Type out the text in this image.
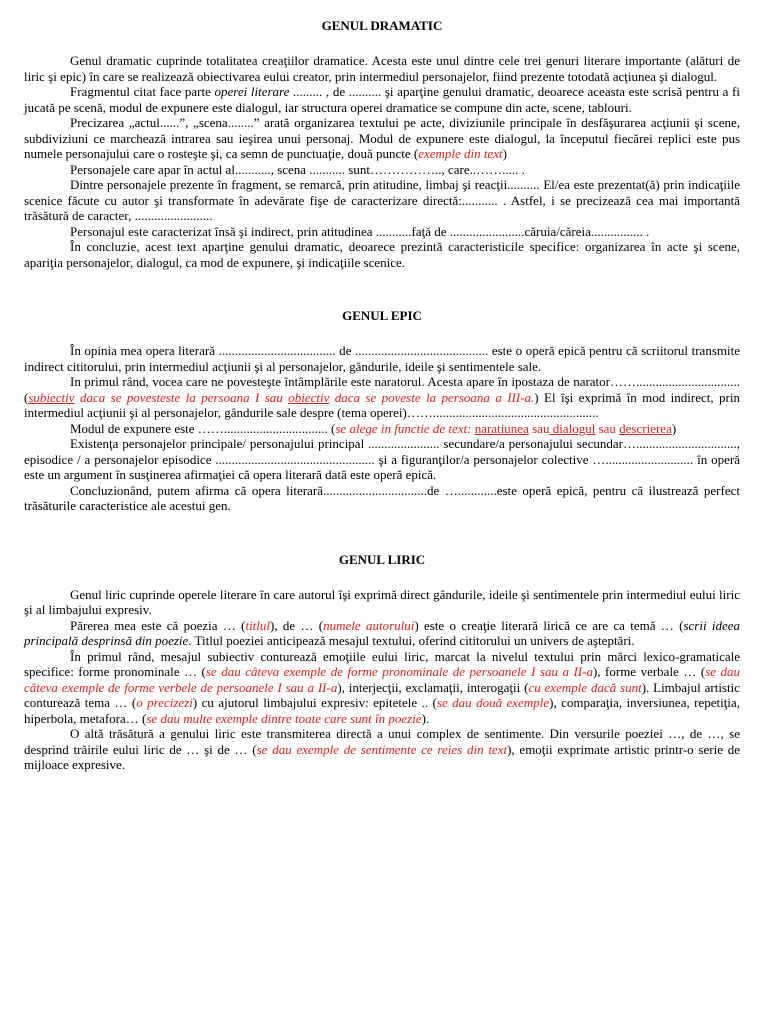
GENUL DRAMATIC

Genul dramatic cuprinde totalitatea creaţiilor dramatice. Acesta este unul dintre cele trei genuri literare importante (alături de liric şi epic) în care se realizează obiectivarea eului creator, prin intermediul personajelor, fiind prezente totodată acţiunea şi dialogul.

Fragmentul citat face parte operei literare ......... , de .......... şi aparţine genului dramatic, deoarece aceasta este scrisă pentru a fi jucată pe scenă, modul de expunere este dialogul, iar structura operei dramatice se compune din acte, scene, tablouri.

Precizarea „actul......”, „scena........” arată organizarea textului pe acte, diviziunile principale în desfăşurarea acţiunii şi scene, subdiviziuni ce marchează intrarea sau ieşirea unui personaj. Modul de expunere este dialogul, la începutul fiecărei replici este pus numele personajului care o rosteşte şi, ca semn de punctuaţie, două puncte (exemple din text)

Personajele care apar în actul al..........., scena ........... sunt…………….., care..……..... .

Dintre personajele prezente în fragment, se remarcă, prin atitudine, limbaj şi reacţii.......... El/ea este prezentat(ă) prin indicaţiile scenice făcute cu autor şi transformate în adevărate fişe de caracterizare directă:........... . Astfel, i se precizează cea mai importantă trăsătură de caracter, ........................

Personajul este caracterizat însă şi indirect, prin atitudinea ...........faţă de .......................căruia/căreia................ .

În concluzie, acest text aparţine genului dramatic, deoarece prezintă caracteristicile specifice: organizarea în acte şi scene, apariţia personajelor, dialogul, ca mod de expunere, şi indicaţiile scenice.

GENUL EPIC

În opinia mea opera literară .................................... de ......................................... este o operă epică pentru că scriitorul transmite indirect cititorului, prin intermediul acţiunii şi al personajelor, gândurile, ideile şi sentimentele sale.

In primul rând, vocea care ne povesteşte întâmplările este naratorul. Acesta apare în ipostaza de narator……................................(subiectiv daca se povesteste la persoana I sau obiectiv daca se poveste la persoana a III-a.) El îşi exprimă în mod indirect, prin intermediul acţiunii şi al personajelor, gândurile sale despre (tema operei)……...................................................

Modul de expunere este ……................................ (se alege in functie de text: naratiunea sau dialogul sau descrierea)

Existenţa personajelor principale/ personajului principal ...................... secundare/a personajului secundar…..............................., episodice / a personajelor episodice ................................................. şi a figuranţilor/a personajelor colective …........................... în operă este un argument în susţinerea afirmaţiei că opera literară dată este operă epică.

Concluzionând, putem afirma că opera literară................................de …............este operă epică, pentru că ilustrează perfect trăsăturile caracteristice ale acestui gen.

GENUL LIRIC

Genul liric cuprinde operele literare în care autorul îşi exprimă direct gândurile, ideile şi sentimentele prin intermediul eului liric şi al limbajului expresiv.

Părerea mea este că poezia … (titlul), de … (numele autorului) este o creaţie literară lirică ce are ca temă … (scrii ideea principală desprinsă din poezie. Titlul poeziei anticipează mesajul textului, oferind cititorului un univers de aşteptări.

În primul rând, mesajul subiectiv conturează emoţiile eului liric, marcat la nivelul textului prin mărci lexico-gramaticale specifice: forme pronominale … (se dau câteva exemple de forme pronominale de persoanele I sau a II-a), forme verbale … (se dau câteva exemple de forme verbele de persoanele I sau a II-a), interjecţii, exclamaţii, interogaţii (cu exemple dacă sunt). Limbajul artistic conturează tema … (o precizezi) cu ajutorul limbajului expresiv: epitetele .. (se dau două exemple), comparaţia, inversiunea, repetiţia, hiperbola, metafora… (se dau multe exemple dintre toate care sunt în poezie).

O altă trăsătură a genului liric este transmiterea directă a unui complex de sentimente. Din versurile poeziei …, de …, se desprind trăirile eului liric de … şi de … (se dau exemple de sentimente ce reies din text), emoţii exprimate artistic printr-o serie de mijloace expresive.
